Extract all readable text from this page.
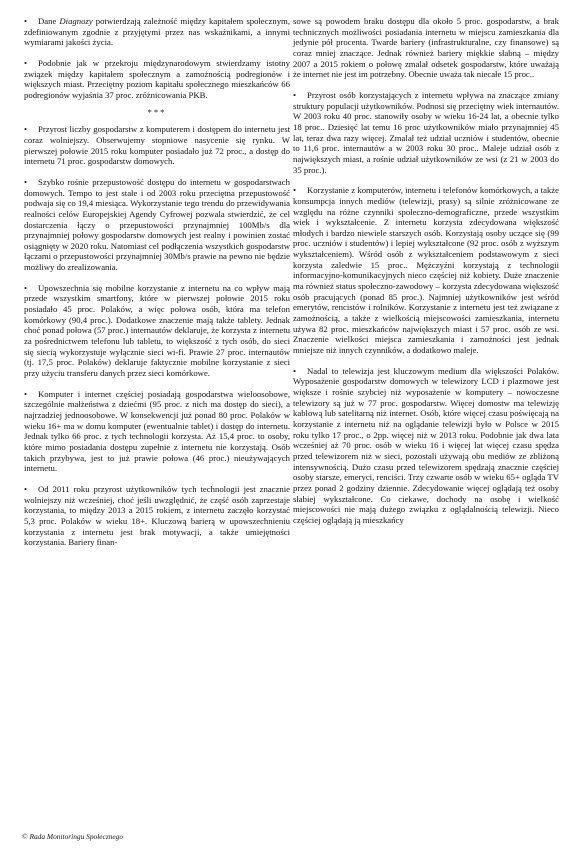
• Dane Diagnozy potwierdzają zależność między kapitałem społecznym, zdefiniowanym zgodnie z przyjętymi przez nas wskaźnikami, a innymi wymiarami jakości życia.

• Podobnie jak w przekroju międzynarodowym stwierdzamy istotny związek między kapitałem społecznym a zamożnością podregionów i większych miast. Przeciętny poziom kapitału społecznego mieszkańców 66 podregionów wyjaśnia 37 proc. zróżnicowania PKB.

***

• Przyrost liczby gospodarstw z komputerem i dostępem do internetu jest coraz wolniejszy. Obserwujemy stopniowe nasycenie się rynku. W pierwszej połowie 2015 roku komputer posiadało już 72 proc., a dostęp do internetu 71 proc. gospodarstw domowych.

• Szybko rośnie przepustowość dostępu do internetu w gospodarstwach domowych. Tempo to jest stałe i od 2003 roku przeciętna przepustowość podwaja się co 19,4 miesiąca. Wykorzystanie tego trendu do przewidywania realności celów Europejskiej Agendy Cyfrowej pozwala stwierdzić, że cel dostarczenia łączy o przepustowości przynajmniej 100Mb/s dla przynajmniej połowy gospodarstw domowych jest realny i powinien zostać osiągnięty w 2020 roku. Natomiast cel podłączenia wszystkich gospodarstw łączami o przepustowości przynajmniej 30Mb/s prawie na pewno nie będzie możliwy do zrealizowania.

• Upowszechnia się mobilne korzystanie z internetu na co wpływ mają przede wszystkim smartfony, które w pierwszej połowie 2015 roku posiadało 45 proc. Polaków, a więc połowa osób, która ma telefon komórkowy (90,4 proc.). Dodatkowe znaczenie mają także tablety. Jednak choć ponad połowa (57 proc.) internautów deklaruje, że korzysta z internetu za pośrednictwem telefonu lub tabletu, to większość z tych osób, do sieci się siecią wykorzystuje wyłącznie sieci wi-fi. Prawie 27 proc. internautów (tj. 17,5 proc. Polaków) deklaruje faktycznie mobilne korzystanie z sieci przy użyciu transferu danych przez sieci komórkowe.

• Komputer i internet częściej posiadają gospodarstwa wieloosobowe, szczególnie małżeństwa z dziećmi (95 proc. z nich ma dostęp do sieci), a najrzadziej jednoosobowe. W konsekwencji już ponad 80 proc. Polaków w wieku 16+ ma w domu komputer (ewentualnie tablet) i dostęp do internetu. Jednak tylko 66 proc. z tych technologii korzysta. Aż 15,4 proc. to osoby, które mimo posiadania dostępu zupełnie z internetu nie korzystają. Osób takich przybywa, jest to już prawie połowa (46 proc.) nieużywających internetu.

• Od 2011 roku przyrost użytkowników tych technologii jest znacznie wolniejszy niż wcześniej, choć jeśli uwzględnić, że część osób zaprzestaje korzystania, to między 2013 a 2015 rokiem, z internetu zaczęło korzystać 5,3 proc. Polaków w wieku 18+. Kluczową barierą w upowszechnieniu korzystania z internetu jest brak motywacji, a także umiejętności korzystania. Bariery finan-

sowe są powodem braku dostępu dla około 5 proc. gospodarstw, a brak technicznych możliwości posiadania internetu w miejscu zamieszkania dla jedynie pół procenta. Twarde bariery (infrastrukturalne, czy finansowe) są coraz mniej znaczące. Jednak również bariery miękkie słabną – między 2007 a 2015 rokiem o połowę zmalał odsetek gospodarstw, które uważają że internet nie jest im potrzebny. Obecnie uważa tak niecałe 15 proc..

• Przyrost osób korzystających z internetu wpływa na znaczące zmiany struktury populacji użytkowników. Podnosi się przeciętny wiek internautów. W 2003 roku 40 proc. stanowiły osoby w wieku 16-24 lat, a obecnie tylko 18 proc.. Dziesięć lat temu 16 proc użytkowników miało przynajmniej 45 lat, teraz dwa razy więcej. Zmalał też udział uczniów i studentów, obecnie to 11,6 proc. internautów a w 2003 roku 30 proc.. Maleje udział osób z największych miast, a rośnie udział użytkowników ze wsi (z 21 w 2003 do 35 proc.).

• Korzystanie z komputerów, internetu i telefonów komórkowych, a także konsumpcja innych mediów (telewizji, prasy) są silnie zróżnicowane ze względu na różne czynniki społeczno-demograficzne, przede wszystkim wiek i wykształcenie. Z internetu korzysta zdecydowana większość młodych i bardzo niewiele starszych osób. Korzystają osoby uczące się (99 proc. uczniów i studentów) i lepiej wykształcone (92 proc. osób z wyższym wykształceniem). Wśród osób z wykształceniem podstawowym z sieci korzysta zaledwie 15 proc.. Mężczyźni korzystają z technologii informacyjno-komunikacyjnych nieco częściej niż kobiety. Duże znaczenie ma również status społeczno-zawodowy – korzysta zdecydowana większość osób pracujących (ponad 85 proc.). Najmniej użytkowników jest wśród emerytów, rencistów i rolników. Korzystanie z internetu jest też związane z zamożnością, a także z wielkością miejscowości zamieszkania, internetu używa 82 proc. mieszkańców największych miast i 57 proc. osób ze wsi. Znaczenie wielkości miejsca zamieszkania i zamożności jest jednak mniejsze niż innych czynników, a dodatkowo maleje.

• Nadal to telewizja jest kluczowym medium dla większości Polaków. Wyposażenie gospodarstw domowych w telewizory LCD i plazmowe jest większe i rośnie szybciej niż wyposażenie w komputery – nowoczesne telewizory są już w 77 proc. gospodarstw. Więcej domostw ma telewizję kablową lub satelitarną niż internet. Osób, które więcej czasu poświęcają na korzystanie z internetu niż na oglądanie telewizji było w Polsce w 2015 roku tylko 17 proc., o 2pp. więcej niż w 2013 roku. Podobnie jak dwa lata wcześniej aż 70 proc. osób w wieku 16 i więcej lat więcej czasu spędza przed telewizorem niż w sieci, pozostali używają obu mediów ze zbliżoną intensywnością. Dużo czasu przed telewizorem spędzają znacznie częściej osoby starsze, emeryci, renciści. Trzy czwarte osób w wieku 65+ ogląda TV przez ponad 2 godziny dziennie. Zdecydowanie więcej oglądają też osoby słabiej wykształcone. Co ciekawe, dochody na osobę i wielkość miejscowości nie mają dużego związku z oglądalnością telewizji. Nieco częściej oglądają ją mieszkańcy

© Rada Monitoringu Społecznego
